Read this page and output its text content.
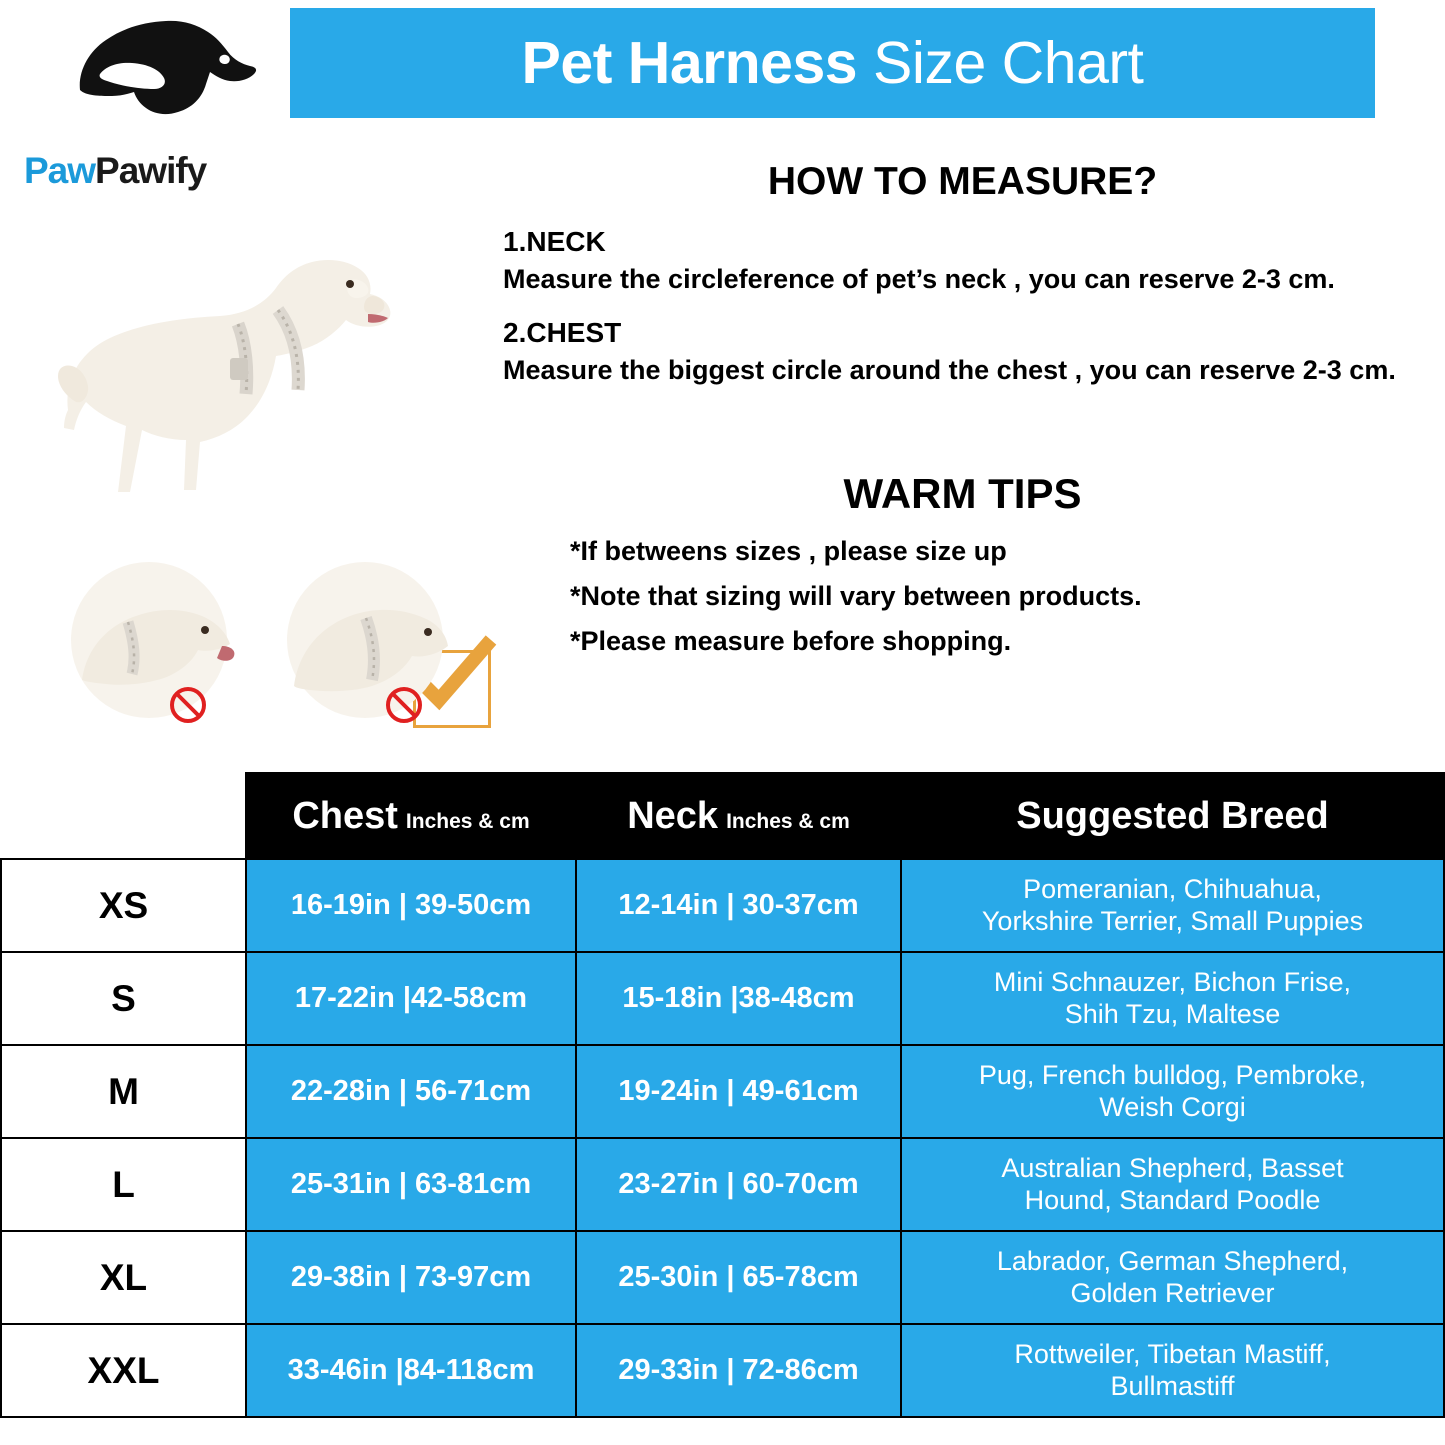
Pet Harness Size Chart
PawPawify	HOW TO MEASURE?
1.NECK
Measure the circleference of pet’s neck , you can reserve 2-3 cm.
2.CHEST
Measure the biggest circle around the chest , you can reserve 2-3 cm.
WARM TIPS
*If betweens sizes , please size up
*Note that sizing will vary between products.
*Please measure before shopping.
	Chest Inches & cm	Neck Inches & cm	Suggested Breed
XS	16-19in | 39-50cm	12-14in | 30-37cm	Pomeranian, Chihuahua,
Yorkshire Terrier, Small Puppies

S	17-22in |42-58cm	15-18in |38-48cm	Mini Schnauzer, Bichon Frise,
Shih Tzu, Maltese

M	22-28in | 56-71cm	19-24in | 49-61cm	Pug, French bulldog, Pembroke,
Weish Corgi

L	25-31in | 63-81cm	23-27in | 60-70cm	Australian Shepherd, Basset
Hound, Standard Poodle

XL	29-38in | 73-97cm	25-30in | 65-78cm	Labrador, German Shepherd,
Golden Retriever

XXL	33-46in |84-118cm	29-33in | 72-86cm	Rottweiler, Tibetan Mastiff,
Bullmastiff
